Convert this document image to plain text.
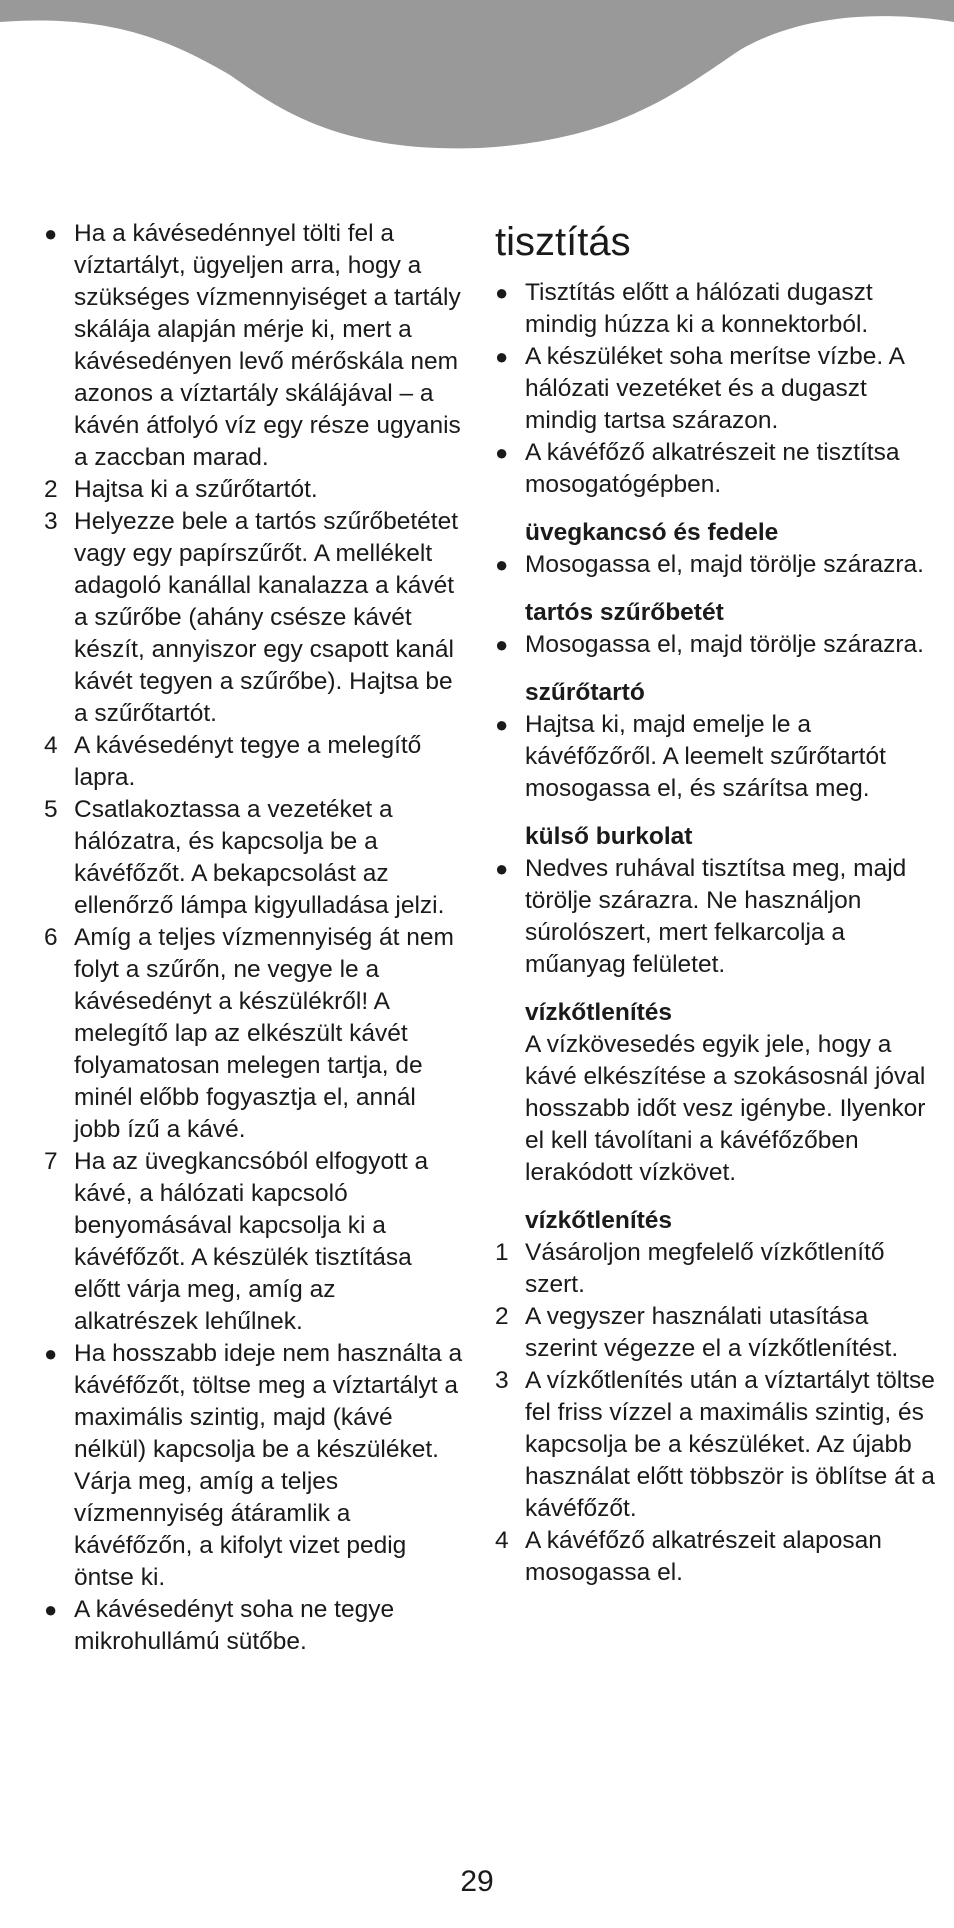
● Ha a kávésedénnyel tölti fel a víztartályt, ügyeljen arra, hogy a szükséges vízmennyiséget a tartály skálája alapján mérje ki, mert a kávésedényen levő mérőskála nem azonos a víztartály skálájával – a kávén átfolyó víz egy része ugyanis a zaccban marad.
2 Hajtsa ki a szűrőtartót.
3 Helyezze bele a tartós szűrőbetétet vagy egy papírszűrőt. A mellékelt adagoló kanállal kanalazza a kávét a szűrőbe (ahány csésze kávét készít, annyiszor egy csapott kanál kávét tegyen a szűrőbe). Hajtsa be a szűrőtartót.
4 A kávésedényt tegye a melegítő lapra.
5 Csatlakoztassa a vezetéket a hálózatra, és kapcsolja be a kávéfőzőt. A bekapcsolást az ellenőrző lámpa kigyulladása jelzi.
6 Amíg a teljes vízmennyiség át nem folyt a szűrőn, ne vegye le a kávésedényt a készülékről! A melegítő lap az elkészült kávét folyamatosan melegen tartja, de minél előbb fogyasztja el, annál jobb ízű a kávé.
7 Ha az üvegkancsóból elfogyott a kávé, a hálózati kapcsoló benyomásával kapcsolja ki a kávéfőzőt. A készülék tisztítása előtt várja meg, amíg az alkatrészek lehűlnek.
● Ha hosszabb ideje nem használta a kávéfőzőt, töltse meg a víztartályt a maximális szintig, majd (kávé nélkül) kapcsolja be a készüléket. Várja meg, amíg a teljes vízmennyiség átáramlik a kávéfőzőn, a kifolyt vizet pedig öntse ki.
● A kávésedényt soha ne tegye mikrohullámú sütőbe.
tisztítás
● Tisztítás előtt a hálózati dugaszt mindig húzza ki a konnektorból.
● A készüléket soha merítse vízbe. A hálózati vezetéket és a dugaszt mindig tartsa szárazon.
● A kávéfőző alkatrészeit ne tisztítsa mosogatógépben.
üvegkancsó és fedele
● Mosogassa el, majd törölje szárazra.
tartós szűrőbetét
● Mosogassa el, majd törölje szárazra.
szűrőtartó
● Hajtsa ki, majd emelje le a kávéfőzőről. A leemelt szűrőtartót mosogassa el, és szárítsa meg.
külső burkolat
● Nedves ruhával tisztítsa meg, majd törölje szárazra. Ne használjon súrolószert, mert felkarcolja a műanyag felületet.
vízkőtlenítés
A vízkövesedés egyik jele, hogy a kávé elkészítése a szokásosnál jóval hosszabb időt vesz igénybe. Ilyenkor el kell távolítani a kávéfőzőben lerakódott vízkövet.
vízkőtlenítés
1 Vásároljon megfelelő vízkőtlenítő szert.
2 A vegyszer használati utasítása szerint végezze el a vízkőtlenítést.
3 A vízkőtlenítés után a víztartályt töltse fel friss vízzel a maximális szintig, és kapcsolja be a készüléket. Az újabb használat előtt többször is öblítse át a kávéfőzőt.
4 A kávéfőző alkatrészeit alaposan mosogassa el.
29
